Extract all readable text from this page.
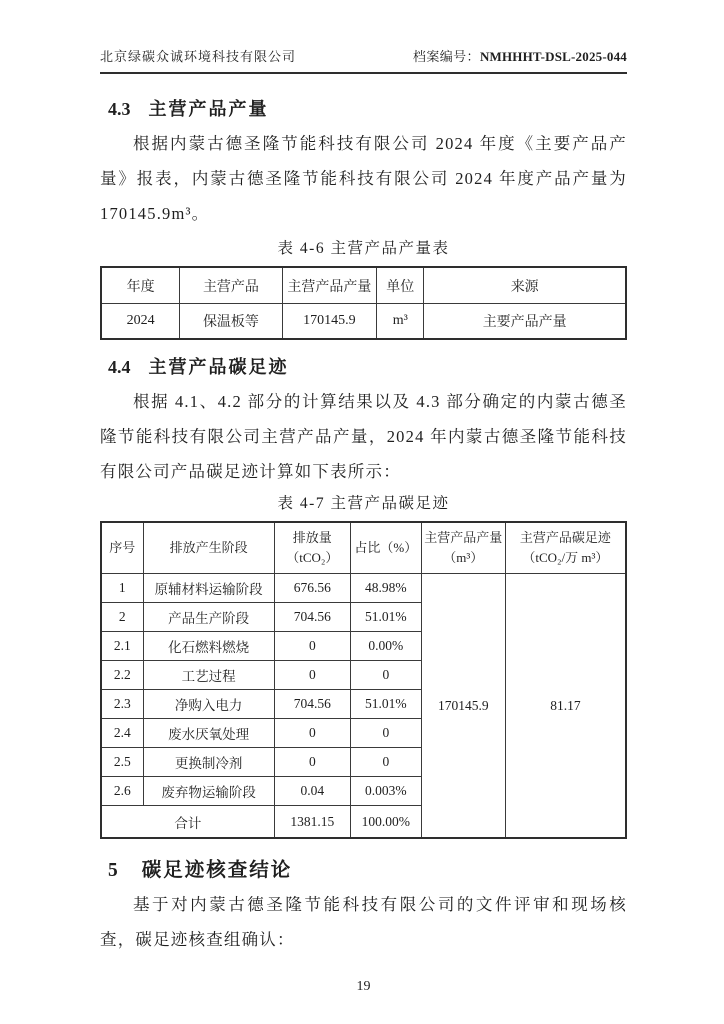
北京绿碳众诚环境科技有限公司	档案编号：NMHHHT-DSL-2025-044
4.3 主营产品产量

根据内蒙古德圣隆节能科技有限公司 2024 年度《主要产品产量》报表，内蒙古德圣隆节能科技有限公司 2024 年度产品产量为 170145.9m³。

表 4-6 主营产品产量表
年度	主营产品	主营产品产量	单位	来源
2024	保温板等	170145.9	m³	主要产品产量
4.4 主营产品碳足迹

根据 4.1、4.2 部分的计算结果以及 4.3 部分确定的内蒙古德圣隆节能科技有限公司主营产品产量，2024 年内蒙古德圣隆节能科技有限公司产品碳足迹计算如下表所示：

表 4-7 主营产品碳足迹
序号	排放产生阶段	排放量（tCO₂）	占比（%）	主营产品产量（m³）	主营产品碳足迹（tCO₂/万 m³）
1	原辅材料运输阶段	676.56	48.98%	170145.9	81.17
2	产品生产阶段	704.56	51.01%		
2.1	化石燃料燃烧	0	0.00%		
2.2	工艺过程	0	0		
2.3	净购入电力	704.56	51.01%		
2.4	废水厌氧处理	0	0		
2.5	更换制冷剂	0	0		
2.6	废弃物运输阶段	0.04	0.003%		
合计		1381.15	100.00%		
5 碳足迹核查结论

基于对内蒙古德圣隆节能科技有限公司的文件评审和现场核查，碳足迹核查组确认：

19
